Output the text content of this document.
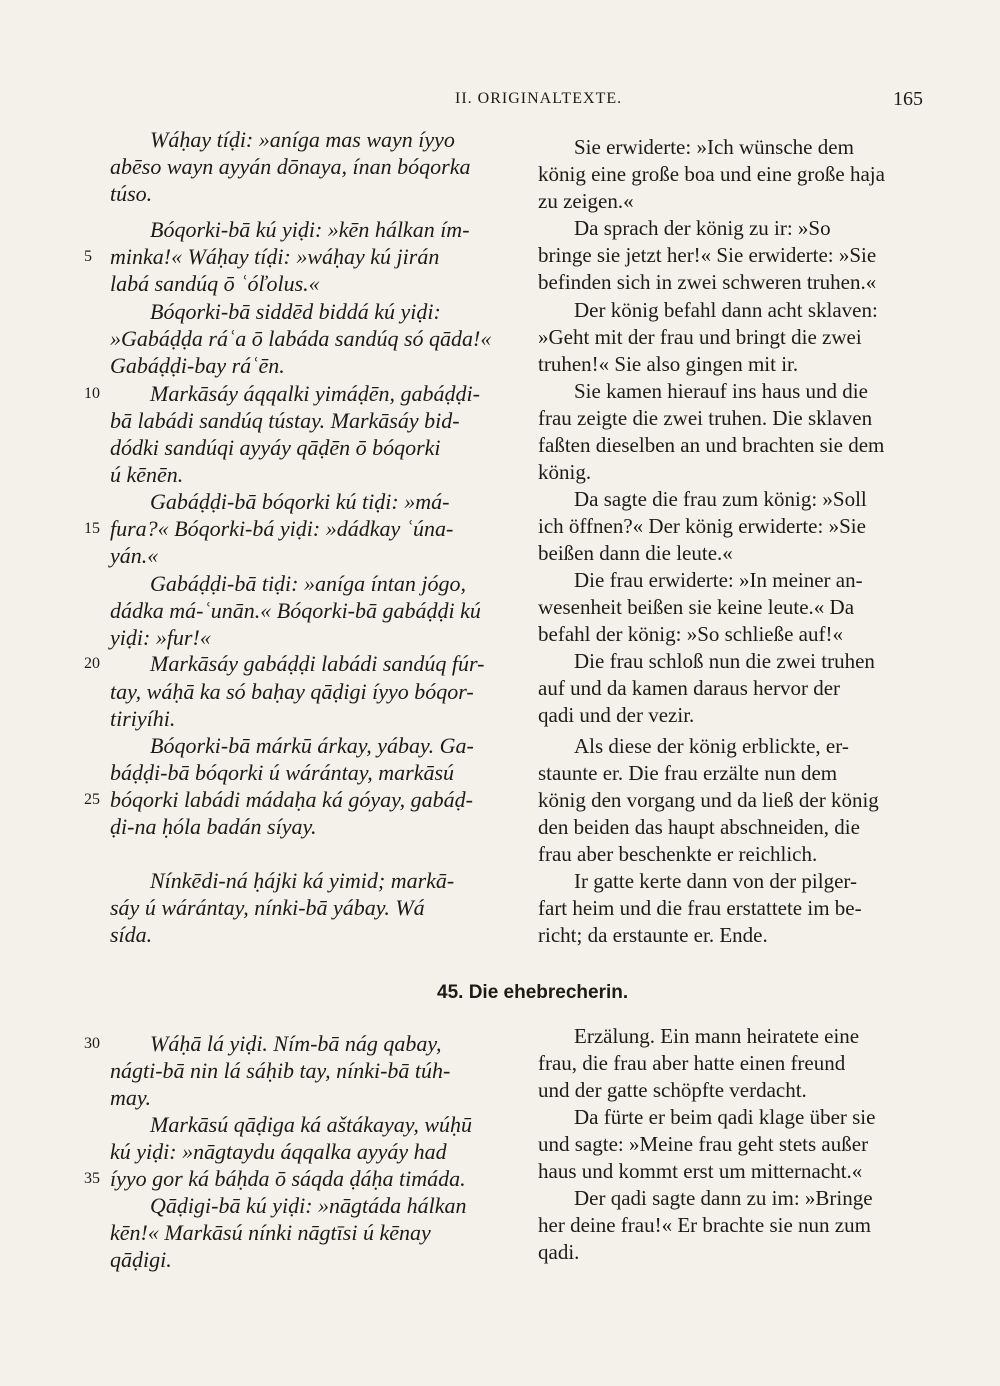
II. ORIGINALTEXTE.	165
5
10
15
20
25
30
35
Wáḥay tíḍi: »aníga mas wayn íyyo
abēso wayn ayyán dōnaya, ínan bóqorka
túso.
Bóqorki-bā kú yiḍi: »kēn hálkan ím-
minka!« Wáḥay tíḍi: »wáḥay kú jirán
labá sandúq ō ʿóľolus.«
Bóqorki-bā siddēd biddá kú yiḍi:
»Gabáḍḍa ráʿa ō labáda sandúq só qāda!«
Gabáḍḍi-bay ráʿēn.
Markāsáy áqqalki yimáḍēn, gabáḍḍi-
bā labádi sandúq tústay. Markāsáy bid-
dódki sandúqi ayyáy qāḍēn ō bóqorki
ú kēnēn.
Gabáḍḍi-bā bóqorki kú tiḍi: »má-
fura?« Bóqorki-bá yiḍi: »dádkay ʿúna-
yán.«
Gabáḍḍi-bā tiḍi: »aníga íntan jógo,
dádka má-ʿunān.« Bóqorki-bā gabáḍḍi kú
yiḍi: »fur!«
Markāsáy gabáḍḍi labádi sandúq fúr-
tay, wáḥā ka só baḥay qāḍigi íyyo bóqor-
tiriyíhi.
Bóqorki-bā márkū árkay, yábay. Ga-
báḍḍi-bā bóqorki ú wárántay, markāsú
bóqorki labádi mádaḥa ká góyay, gabáḍ-
ḍi-na ḥóla badán síyay.
Nínkēdi-ná ḥájki ká yimid; markā-
sáy ú wárántay, nínki-bā yábay. Wá
sída.
Wáḥā lá yiḍi. Ním-bā nág qabay,
nágti-bā nin lá sáḥib tay, nínki-bā túh-
may.
Markāsú qāḍiga ká aštákayay, wúḥū
kú yiḍi: »nāgtaydu áqqalka ayyáy had
íyyo gor ká báḥda ō sáqda ḍáḥa timáda.
Qāḍigi-bā kú yiḍi: »nāgtáda hálkan
kēn!« Markāsú nínki nāgtīsi ú kēnay
qāḍigi.
Sie erwiderte: »Ich wünsche dem
könig eine große boa und eine große haja
zu zeigen.«
Da sprach der könig zu ir: »So
bringe sie jetzt her!« Sie erwiderte: »Sie
befinden sich in zwei schweren truhen.«
Der könig befahl dann acht sklaven:
»Geht mit der frau und bringt die zwei
truhen!« Sie also gingen mit ir.
Sie kamen hierauf ins haus und die
frau zeigte die zwei truhen. Die sklaven
faßten dieselben an und brachten sie dem
könig.
Da sagte die frau zum könig: »Soll
ich öffnen?« Der könig erwiderte: »Sie
beißen dann die leute.«
Die frau erwiderte: »In meiner an-
wesenheit beißen sie keine leute.« Da
befahl der könig: »So schließe auf!«
Die frau schloß nun die zwei truhen
auf und da kamen daraus hervor der
qadi und der vezir.
Als diese der könig erblickte, er-
staunte er. Die frau erzälte nun dem
könig den vorgang und da ließ der könig
den beiden das haupt abschneiden, die
frau aber beschenkte er reichlich.
Ir gatte kerte dann von der pilger-
fart heim und die frau erstattete im be-
richt; da erstaunte er. Ende.
Erzälung. Ein mann heiratete eine
frau, die frau aber hatte einen freund
und der gatte schöpfte verdacht.
Da fürte er beim qadi klage über sie
und sagte: »Meine frau geht stets außer
haus und kommt erst um mitternacht.«
Der qadi sagte dann zu im: »Bringe
her deine frau!« Er brachte sie nun zum
qadi.
45. Die ehebrecherin.
